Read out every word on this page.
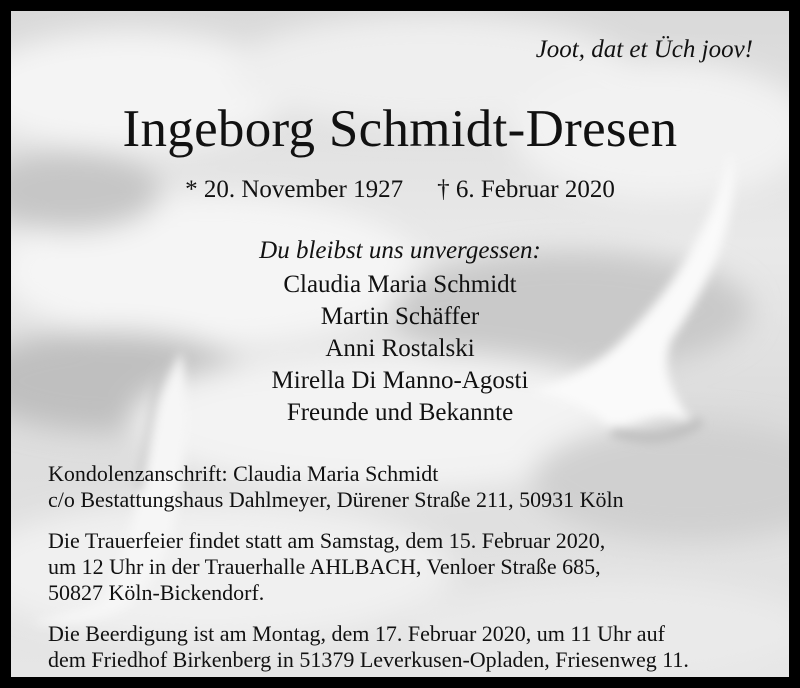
Joot, dat et Üch joov!

Ingeborg Schmidt-Dresen

* 20. November 1927 † 6. Februar 2020

Du bleibst uns unvergessen:

Claudia Maria Schmidt
Martin Schäffer
Anni Rostalski
Mirella Di Manno-Agosti
Freunde und Bekannte

Kondolenzanschrift: Claudia Maria Schmidt

c/o Bestattungshaus Dahlmeyer, Dürener Straße 211, 50931 Köln

Die Trauerfeier findet statt am Samstag, dem 15. Februar 2020,

um 12 Uhr in der Trauerhalle AHLBACH, Venloer Straße 685,

50827 Köln-Bickendorf.

Die Beerdigung ist am Montag, dem 17. Februar 2020, um 11 Uhr auf

dem Friedhof Birkenberg in 51379 Leverkusen-Opladen, Friesenweg 11.
